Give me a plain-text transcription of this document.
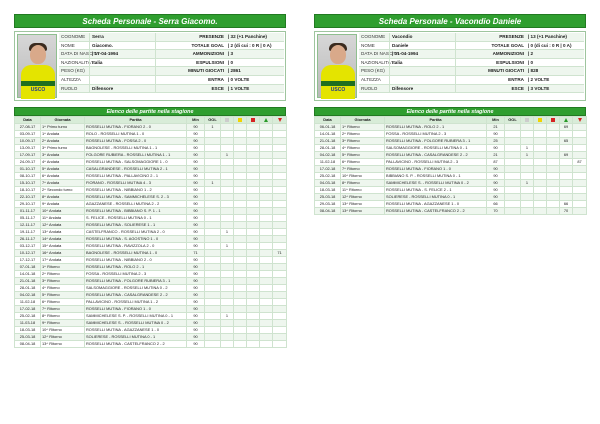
Scheda Personale - Serra Giacomo.
USCO
COGNOME	Serra	PRESENZE | 32 (+1 Panchine)
NOME	Giacomo.	TOTALE GOAL | 2 (di cui : 0 R | 0 A)
DATA DI NASCITA
| 17-04-1994	AMMONIZIONI | 3
NAZIONALITA' Italia	ESPULSIONI | 0
PESO (KG)	MINUTI GIOCATI | 2861
ALTEZZA	ENTRA | 0 VOLTE
RUOLO	Difensore	ESCE | 1 VOLTE
Elenco delle partite nella stagione
Data	Giornata	Partita	Min	GOL					
27-08-17	1^ Primo turno	ROSSELLI MUTINA - FIORANO 2 - 0	90	1					
03-09-17	1^ Andata	ROLO - ROSSELLI MUTINA 1 - 0	90						
10-09-17	2^ Andata	ROSSELLI MUTINA - FOSSA 2 - 0	90						
13-09-17	3^ Primo turno	BAGNOLESE - ROSSELLI MUTINA 1 - 1	90						
17-09-17	3^ Andata	FOLGORE RUBIERA - ROSSELLI MUTINA 1 - 1	90		1				
24-09-17	4^ Andata	ROSSELLI MUTINA - SALSOMAGGIORE 1 - 0	90						
01-10-17	5^ Andata	CASALGRANDESE - ROSSELLI MUTINA 2 - 1	90						
08-10-17	6^ Andata	ROSSELLI MUTINA - PALLAVICINO 2 - 1	90						
15-10-17	7^ Andata	FIORANO - ROSSELLI MUTINA 4 - 3	90	1					
18-10-17	2^ Secondo turno	ROSSELLI MUTINA - NIBBIANO 1 - 2	90						
22-10-17	8^ Andata	ROSSELLI MUTINA - SAMMICHELESE S. 2 - 3	90						
29-10-17	9^ Andata	AGAZZANESE - ROSSELLI MUTINA 2 - 2	90						
01-11-17	10^ Andata	ROSSELLI MUTINA - BIBBIANO S. P. 1 - 1	90						
05-11-17	11^ Andata	S. FELICE - ROSSELLI MUTINA 0 - 1	90						
12-11-17	12^ Andata	ROSSELLI MUTINA - SOLIERESE 1 - 1	90						
19-11-17	13^ Andata	CASTELFRANCO - ROSSELLI MUTINA 2 - 0	90		1				
26-11-17	14^ Andata	ROSSELLI MUTINA - S. AGOSTINO 1 - 0	90						
03-12-17	15^ Andata	ROSSELLI MUTINA - RAVIZZOLA 2 - 0	90		1				
10-12-17	16^ Andata	BAGNOLESE - ROSSELLI MUTINA 1 - 0	71						71
17-12-17	17^ Andata	ROSSELLI MUTINA - NIBBIANO 2 - 0	90						
07-01-18	1^ Ritorno	ROSSELLI MUTINA - ROLO 2 - 1	90						
14-01-18	2^ Ritorno	FOSSA - ROSSELLI MUTINA 2 - 3	90						
21-01-18	3^ Ritorno	ROSSELLI MUTINA - FOLGORE RUBIERA 3 - 1	90						
28-01-18	4^ Ritorno	SALSOMAGGIORE - ROSSELLI MUTINA 0 - 2	90						
04-02-18	5^ Ritorno	ROSSELLI MUTINA - CASALGRANDESE 2 - 2	90						
11-02-18	6^ Ritorno	PALLAVICINO - ROSSELLI MUTINA 1 - 2	90						
17-02-18	7^ Ritorno	ROSSELLI MUTINA - FIORANO 1 - 0	90						
25-02-18	8^ Ritorno	SAMMICHELESE S. P. - ROSSELLI MUTINA 0 - 1	90		1				
11-03-18	9^ Ritorno	SAMMICHELESE S. - ROSSELLI MUTINA 0 - 2	90						
18-03-18	10^ Ritorno	ROSSELLI MUTINA - AGAZZANESE 1 - 0	90						
25-03-18	12^ Ritorno	SOLIERESE - ROSSELLI MUTINA 0 - 1	90						
08-04-18	13^ Ritorno	ROSSELLI MUTINA - CASTELFRANCO 2 - 2	90						
Scheda Personale - Vacondio Daniele
USCO
COGNOME	Vacondio	PRESENZE | 13 (+1 Panchine)
NOME	Daniele	TOTALE GOAL | 0 (di cui : 0 R | 0 A)
DATA DI NASCITA
| 01-04-1994	AMMONIZIONI | 2
NAZIONALITA' Italia	ESPULSIONI | 0
PESO (KG)	MINUTI GIOCATI | 828
ALTEZZA	ENTRA | 2 VOLTE
RUOLO	Difensore	ESCE | 3 VOLTE
Elenco delle partite nella stagione
Data	Giornata	Partita	Min	GOL					
06-01-18	1^ Ritorno	ROSSELLI MUTINA - ROLO 2 - 1	21					69	
14-01-18	2^ Ritorno	FOSSA - ROSSELLI MUTINA 2 - 3	90						
21-01-18	3^ Ritorno	ROSSELLI MUTINA - FOLGORE RUBIERA 3 - 1	25					65	
28-01-18	4^ Ritorno	SALSOMAGGIORE - ROSSELLI MUTINA 0 - 1	90		1				
04-02-18	5^ Ritorno	ROSSELLI MUTINA - CASALGRANDESE 2 - 2	21		1			69	
11-02-18	6^ Ritorno	PALLAVICINO - ROSSELLI MUTINA 2 - 3	87						87
17-02-18	7^ Ritorno	ROSSELLI MUTINA - FIORANO 1 - 0	90						
25-02-18	10^ Ritorno	BIBBIANO S. P. - ROSSELLI MUTINA 0 - 1	90						
04-03-18	8^ Ritorno	SAMMICHELESE S. - ROSSELLI MUTINA 0 - 2	90		1				
18-03-18	11^ Ritorno	ROSSELLI MUTINA - S. FELICE 2 - 1	90						
25-03-18	12^ Ritorno	SOLIERESE - ROSSELLI MUTINA 0 - 1	90						
29-03-18	13^ Ritorno	ROSSELLI MUTINA - AGAZZANESE 1 - 0	66					66	
08-04-18	13^ Ritorno	ROSSELLI MUTINA - CASTELFRANCO 2 - 2	70					70	
